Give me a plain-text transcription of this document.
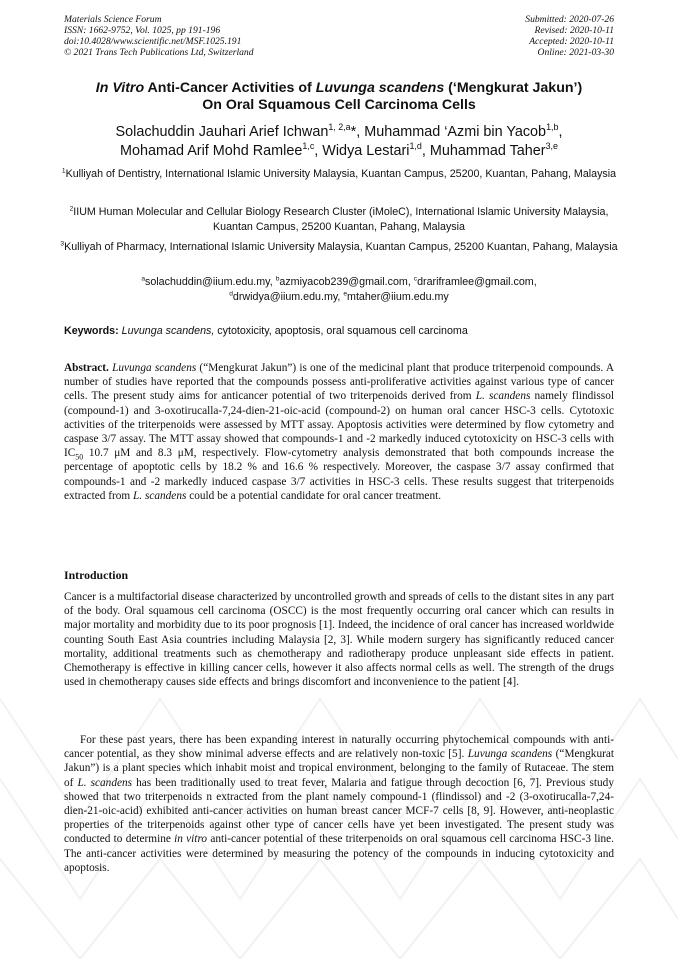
Materials Science Forum
ISSN: 1662-9752, Vol. 1025, pp 191-196
doi:10.4028/www.scientific.net/MSF.1025.191
© 2021 Trans Tech Publications Ltd, Switzerland
Submitted: 2020-07-26
Revised: 2020-10-11
Accepted: 2020-10-11
Online: 2021-03-30
In Vitro Anti-Cancer Activities of Luvunga scandens (‘Mengkurat Jakun’)
On Oral Squamous Cell Carcinoma Cells
Solachuddin Jauhari Arief Ichwan$^{1, 2,a}$*, Muhammad ‘Azmi bin Yacob$^{1,b}$,
Mohamad Arif Mohd Ramlee$^{1,c}$, Widya Lestari$^{1,d}$, Muhammad Taher$^{3,e}$
$^1$Kulliyah of Dentistry, International Islamic University Malaysia, Kuantan Campus, 25200, Kuantan, Pahang, Malaysia
$^2$IIUM Human Molecular and Cellular Biology Research Cluster (iMoleC), International Islamic University Malaysia, Kuantan Campus, 25200 Kuantan, Pahang, Malaysia
$^3$Kulliyah of Pharmacy, International Islamic University Malaysia, Kuantan Campus, 25200 Kuantan, Pahang, Malaysia
$^a$solachuddin@iium.edu.my, $^b$azmiyacob239@gmail.com, $^c$drariframl​ee@gmail.com,
$^d$drwidya@iium.edu.my, $^e$mtaher@iium.edu.my
Keywords: Luvunga scandens, cytotoxicity, apoptosis, oral squamous cell carcinoma
Abstract. Luvunga scandens (“Mengkurat Jakun”) is one of the medicinal plant that produce triterpenoid compounds. A number of studies have reported that the compounds possess anti-proliferative activities against various type of cancer cells. The present study aims for anticancer potential of two triterpenoids derived from L. scandens namely flindissol (compound-1) and 3-oxotirucalla-7,24-dien-21-oic-acid (compound-2) on human oral cancer HSC-3 cells. Cytotoxic activities of the triterpenoids were assessed by MTT assay. Apoptosis activities were determined by flow cytometry and caspase 3/7 assay. The MTT assay showed that compounds-1 and -2 markedly induced cytotoxicity on HSC-3 cells with $IC_{50}$ 10.7 μM and 8.3 μM, respectively. Flow-cytometry analysis demonstrated that both compounds increase the percentage of apoptotic cells by 18.2 % and 16.6 % respectively. Moreover, the caspase 3/7 assay confirmed that compounds-1 and -2 markedly induced caspase 3/7 activities in HSC-3 cells. These results suggest that triterpenoids extracted from L. scandens could be a potential candidate for oral cancer treatment.
Introduction
Cancer is a multifactorial disease characterized by uncontrolled growth and spreads of cells to the distant sites in any part of the body. Oral squamous cell carcinoma (OSCC) is the most frequently occurring oral cancer which can results in major mortality and morbidity due to its poor prognosis [1]. Indeed, the incidence of oral cancer has increased worldwide counting South East Asia countries including Malaysia [2, 3]. While modern surgery has significantly reduced cancer mortality, additional treatments such as chemotherapy and radiotherapy produce unpleasant side effects in patient. Chemotherapy is effective in killing cancer cells, however it also affects normal cells as well. The strength of the drugs used in chemotherapy causes side effects and brings discomfort and inconvenience to the patient [4].
For these past years, there has been expanding interest in naturally occurring phytochemical compounds with anti-cancer potential, as they show minimal adverse effects and are relatively non-toxic [5]. Luvunga scandens (“Mengkurat Jakun”) is a plant species which inhabit moist and tropical environment, belonging to the family of Rutaceae. The stem of L. scandens has been traditionally used to treat fever, Malaria and fatigue through decoction [6, 7]. Previous study showed that two triterpenoids n extracted from the plant namely compound-1 (flindissol) and -2 (3-oxotirucalla-7,24-dien-21-oic-acid) exhibited anti-cancer activities on human breast cancer MCF-7 cells [8, 9]. However, anti-neoplastic properties of the triterpenoids against other type of cancer cells have yet been investigated. The present study was conducted to determine in vitro anti-cancer potential of these triterpenoids on oral squamous cell carcinoma HSC-3 line. The anti-cancer activities were determined by measuring the potency of the compounds in inducing cytotoxicity and apoptosis.
